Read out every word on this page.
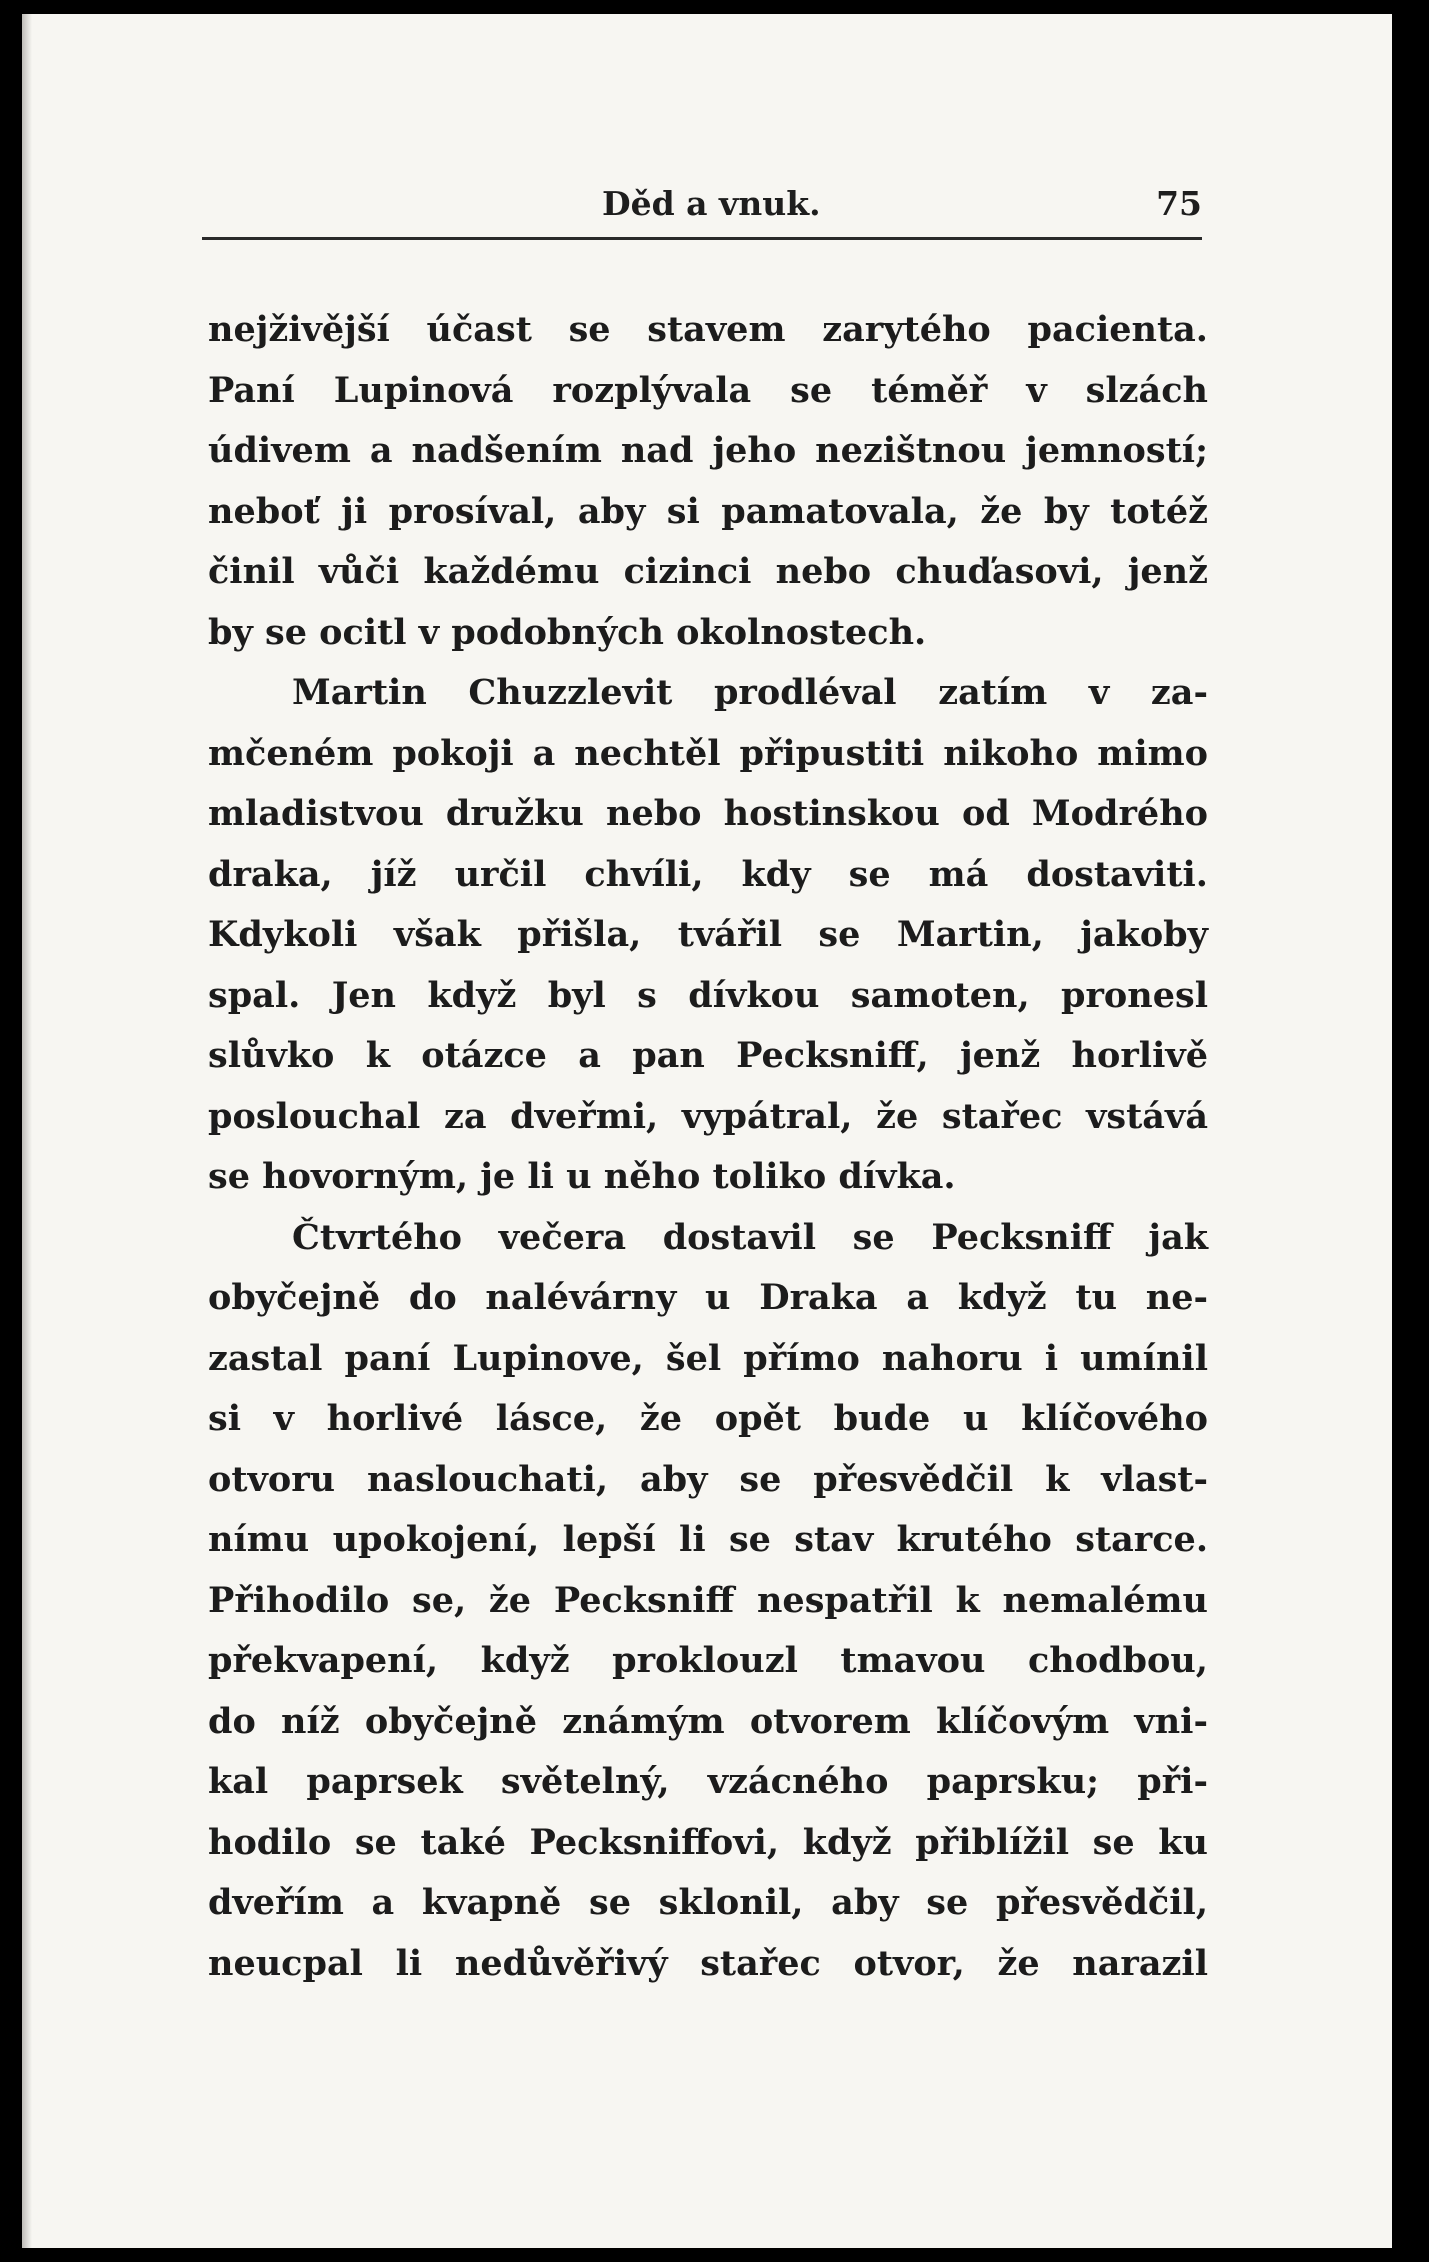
Děd a vnuk.	75
nejživější účast se stavem zarytého pacienta.
Paní Lupinová rozplývala se téměř v slzách
údivem a nadšením nad jeho nezištnou jemností;
neboť ji prosíval, aby si pamatovala, že by totéž
činil vůči každému cizinci nebo chuďasovi, jenž
by se ocitl v podobných okolnostech.
Martin Chuzzlevit prodléval zatím v za-
mčeném pokoji a nechtěl připustiti nikoho mimo
mladistvou družku nebo hostinskou od Modrého
draka, jíž určil chvíli, kdy se má dostaviti.
Kdykoli však přišla, tvářil se Martin, jakoby
spal. Jen když byl s dívkou samoten, pronesl
slůvko k otázce a pan Pecksniff, jenž horlivě
poslouchal za dveřmi, vypátral, že stařec vstává
se hovorným, je li u něho toliko dívka.
Čtvrtého večera dostavil se Pecksniff jak
obyčejně do nalévárny u Draka a když tu ne-
zastal paní Lupinove, šel přímo nahoru i umínil
si v horlivé lásce, že opět bude u klíčového
otvoru naslouchati, aby se přesvědčil k vlast-
nímu upokojení, lepší li se stav krutého starce.
Přihodilo se, že Pecksniff nespatřil k nemalému
překvapení, když proklouzl tmavou chodbou,
do níž obyčejně známým otvorem klíčovým vni-
kal paprsek světelný, vzácného paprsku; při-
hodilo se také Pecksniffovi, když přiblížil se ku
dveřím a kvapně se sklonil, aby se přesvědčil,
neucpal li nedůvěřivý stařec otvor, že narazil
